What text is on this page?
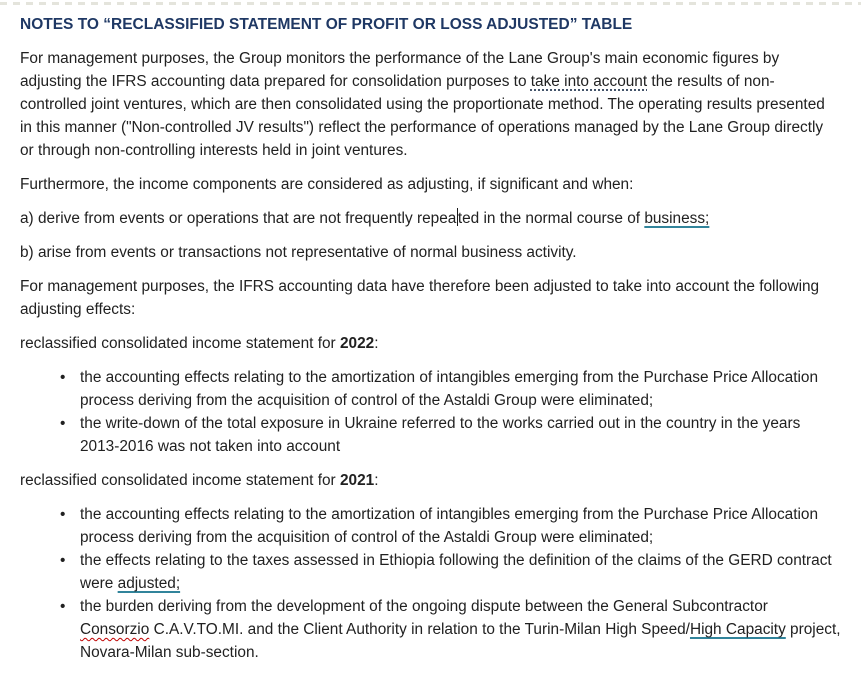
NOTES TO “RECLASSIFIED STATEMENT OF PROFIT OR LOSS ADJUSTED” TABLE

For management purposes, the Group monitors the performance of the Lane Group's main economic figures by adjusting the IFRS accounting data prepared for consolidation purposes to take into account the results of non-controlled joint ventures, which are then consolidated using the proportionate method. The operating results presented in this manner ("Non-controlled JV results") reflect the performance of operations managed by the Lane Group directly or through non-controlling interests held in joint ventures.

Furthermore, the income components are considered as adjusting, if significant and when:

a) derive from events or operations that are not frequently repeated in the normal course of business;

b) arise from events or transactions not representative of normal business activity.

For management purposes, the IFRS accounting data have therefore been adjusted to take into account the following adjusting effects:

reclassified consolidated income statement for 2022:

• the accounting effects relating to the amortization of intangibles emerging from the Purchase Price Allocation process deriving from the acquisition of control of the Astaldi Group were eliminated;
• the write-down of the total exposure in Ukraine referred to the works carried out in the country in the years 2013-2016 was not taken into account

reclassified consolidated income statement for 2021:

• the accounting effects relating to the amortization of intangibles emerging from the Purchase Price Allocation process deriving from the acquisition of control of the Astaldi Group were eliminated;
• the effects relating to the taxes assessed in Ethiopia following the definition of the claims of the GERD contract were adjusted;
• the burden deriving from the development of the ongoing dispute between the General Subcontractor Consorzio C.A.V.TO.MI. and the Client Authority in relation to the Turin-Milan High Speed/High Capacity project, Novara-Milan sub-section.
